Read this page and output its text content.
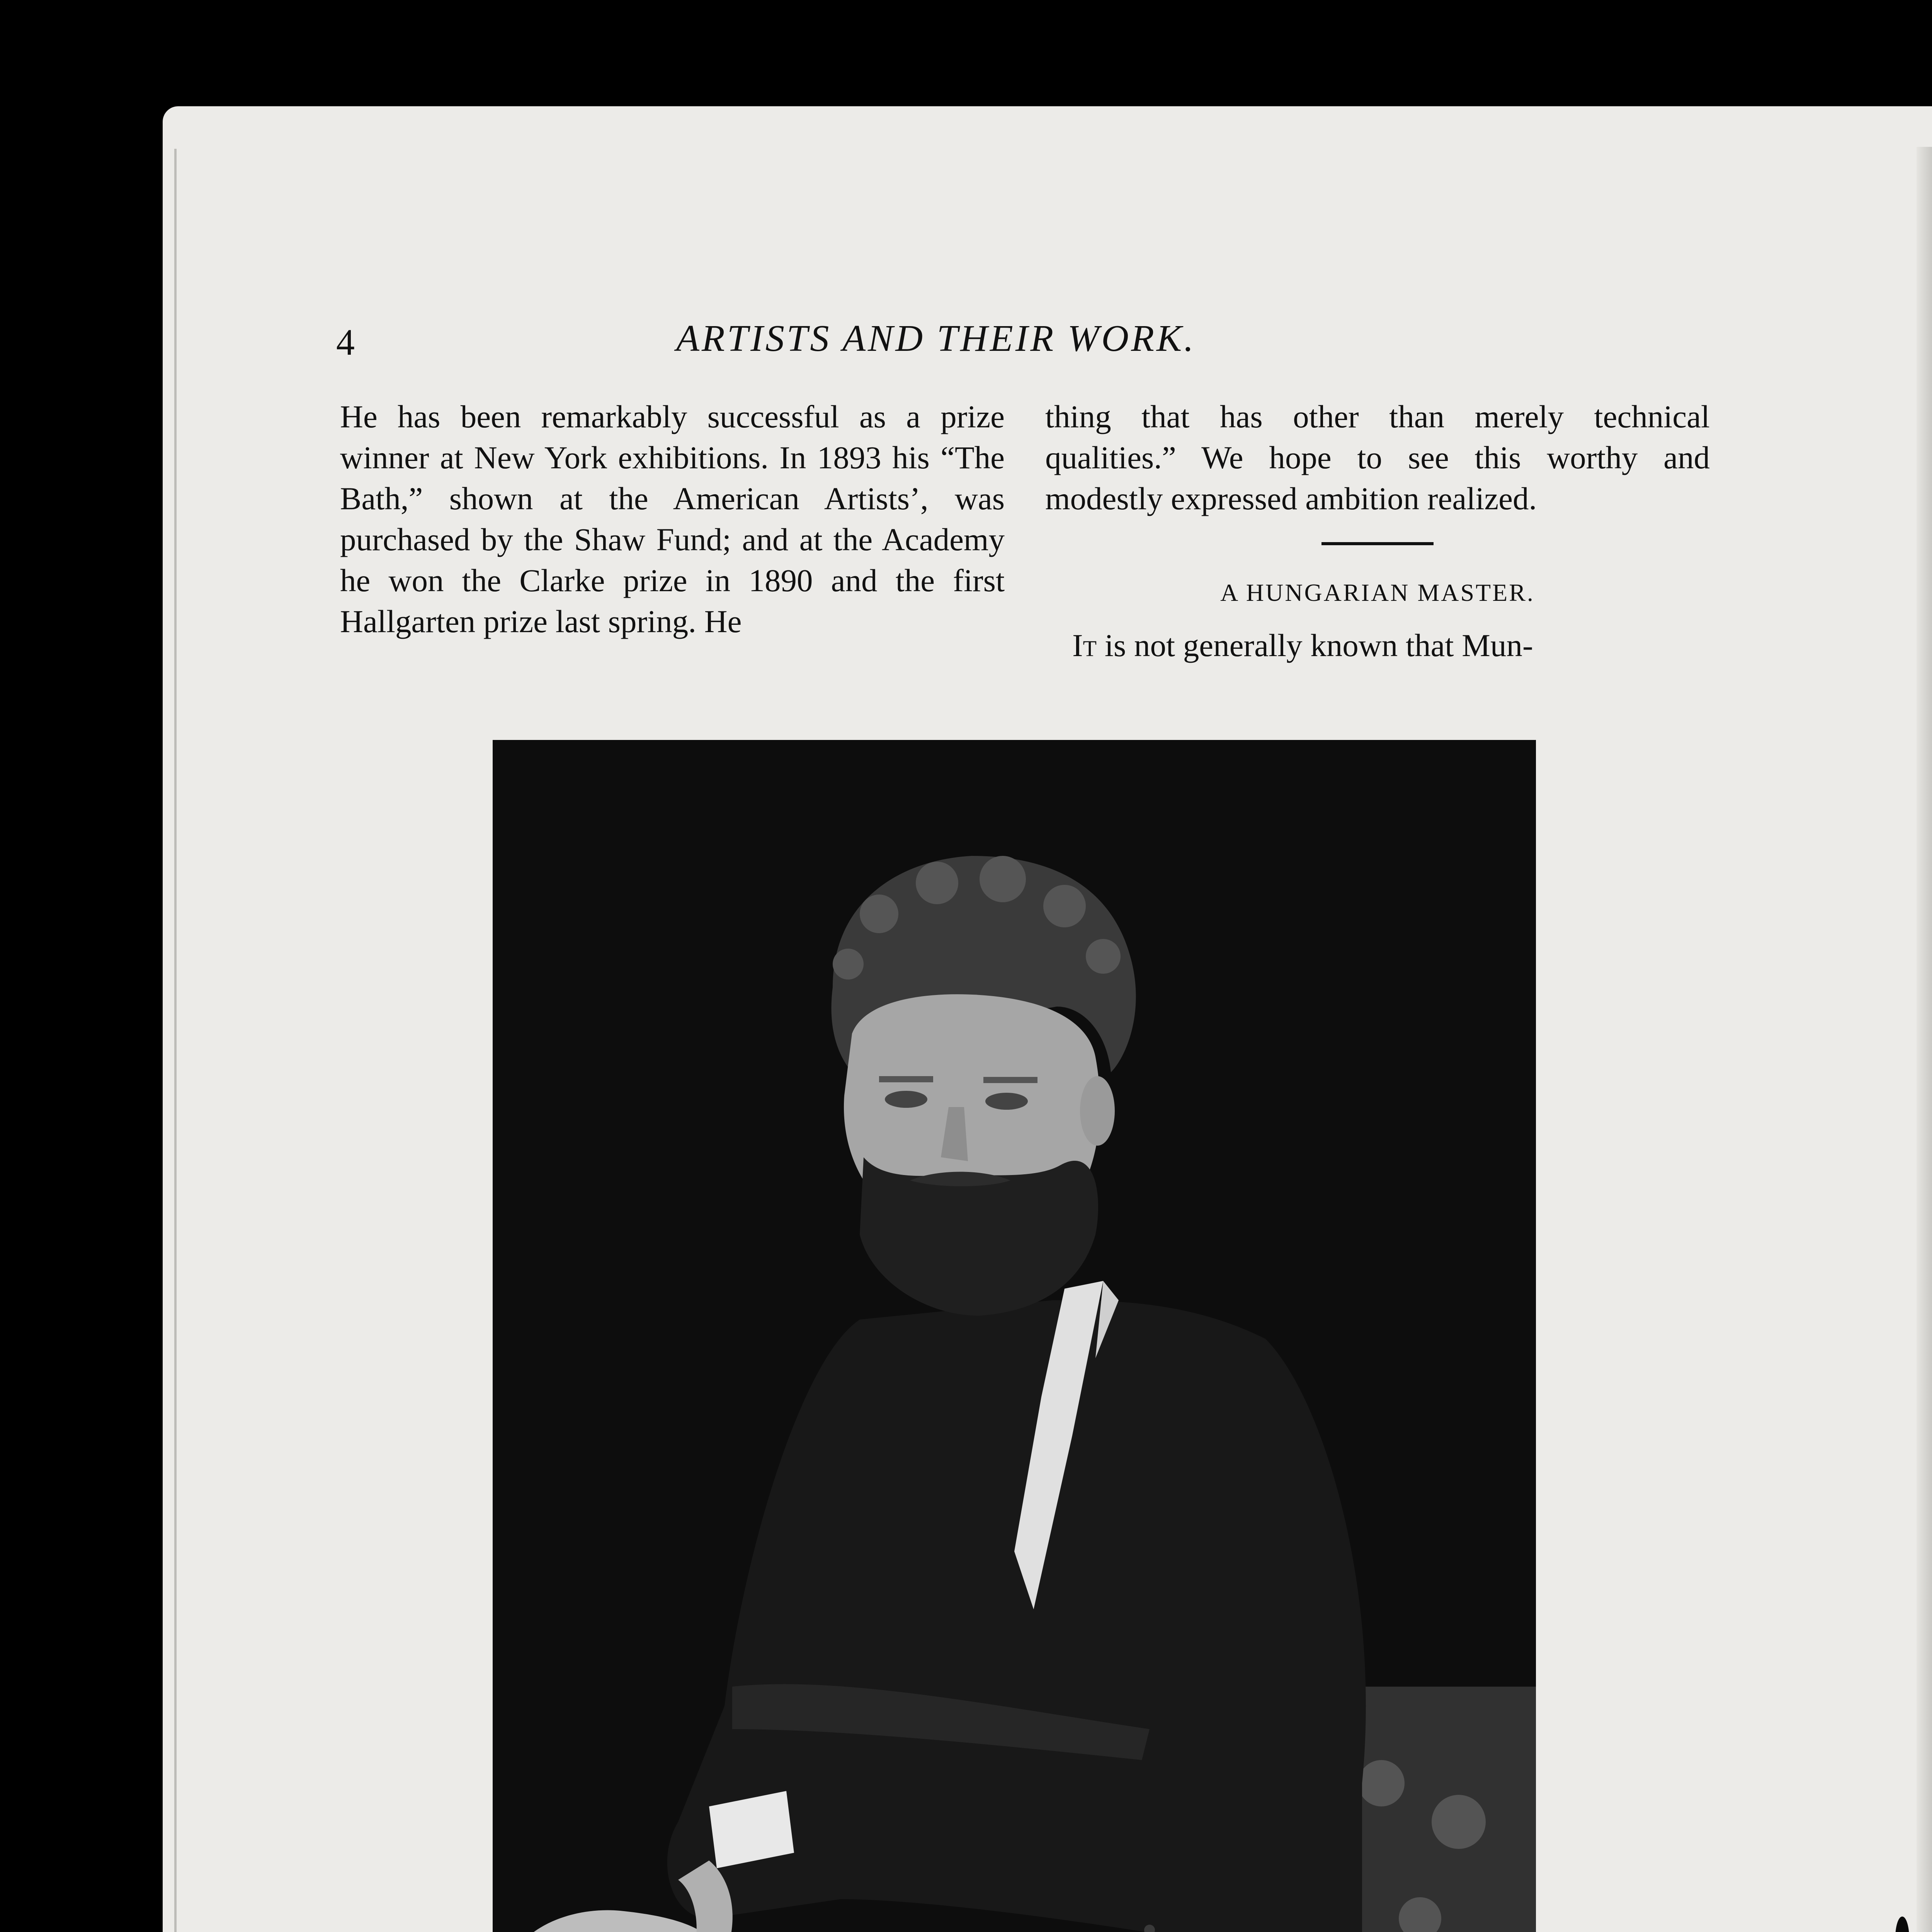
4	ARTISTS AND THEIR WORK.

He has been remarkably successful as a prize winner at New York exhibitions. In 1893 his “The Bath,” shown at the American Artists’, was purchased by the Shaw Fund; and at the Academy he won the Clarke prize in 1890 and the first Hallgarten prize last spring. He

thing that has other than merely technical qualities.” We hope to see this worthy and modestly expressed ambition realized.

A HUNGARIAN MASTER.

It is not generally known that Mun-
